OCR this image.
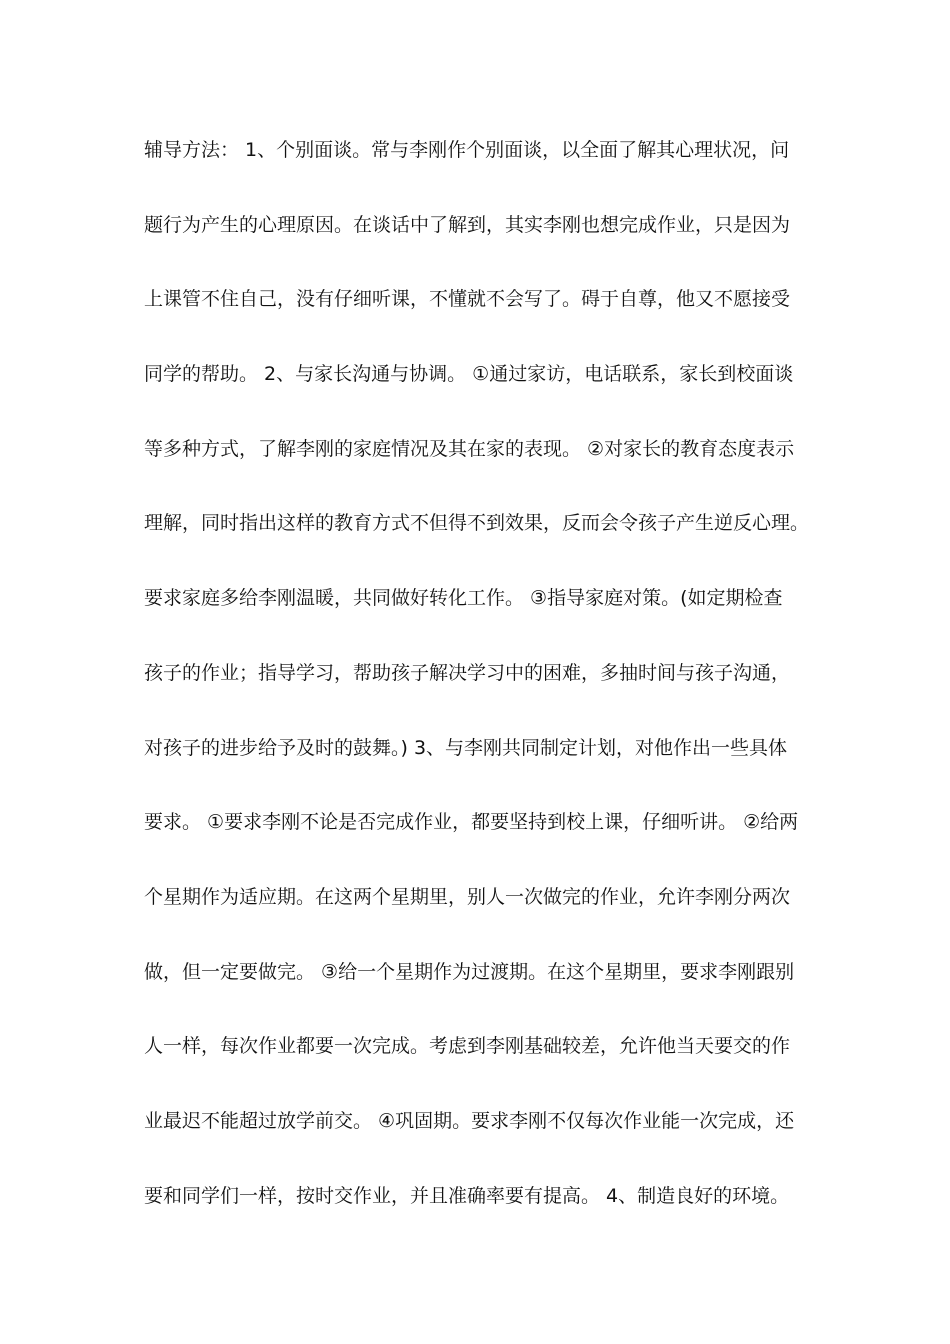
辅导方法： 1、个别面谈。常与李刚作个别面谈，以全面了解其心理状况，问
题行为产生的心理原因。在谈话中了解到，其实李刚也想完成作业，只是因为
上课管不住自己，没有仔细听课，不懂就不会写了。碍于自尊，他又不愿接受
同学的帮助。 2、与家长沟通与协调。 ①通过家访，电话联系，家长到校面谈
等多种方式，了解李刚的家庭情况及其在家的表现。 ②对家长的教育态度表示
理解，同时指出这样的教育方式不但得不到效果，反而会令孩子产生逆反心理。
要求家庭多给李刚温暖，共同做好转化工作。 ③指导家庭对策。(如定期检查
孩子的作业；指导学习，帮助孩子解决学习中的困难，多抽时间与孩子沟通，
对孩子的进步给予及时的鼓舞。) 3、与李刚共同制定计划，对他作出一些具体
要求。 ①要求李刚不论是否完成作业，都要坚持到校上课，仔细听讲。 ②给两
个星期作为适应期。在这两个星期里，别人一次做完的作业，允许李刚分两次
做，但一定要做完。 ③给一个星期作为过渡期。在这个星期里，要求李刚跟别
人一样，每次作业都要一次完成。考虑到李刚基础较差，允许他当天要交的作
业最迟不能超过放学前交。 ④巩固期。要求李刚不仅每次作业能一次完成，还
要和同学们一样，按时交作业，并且准确率要有提高。 4、制造良好的环境。
